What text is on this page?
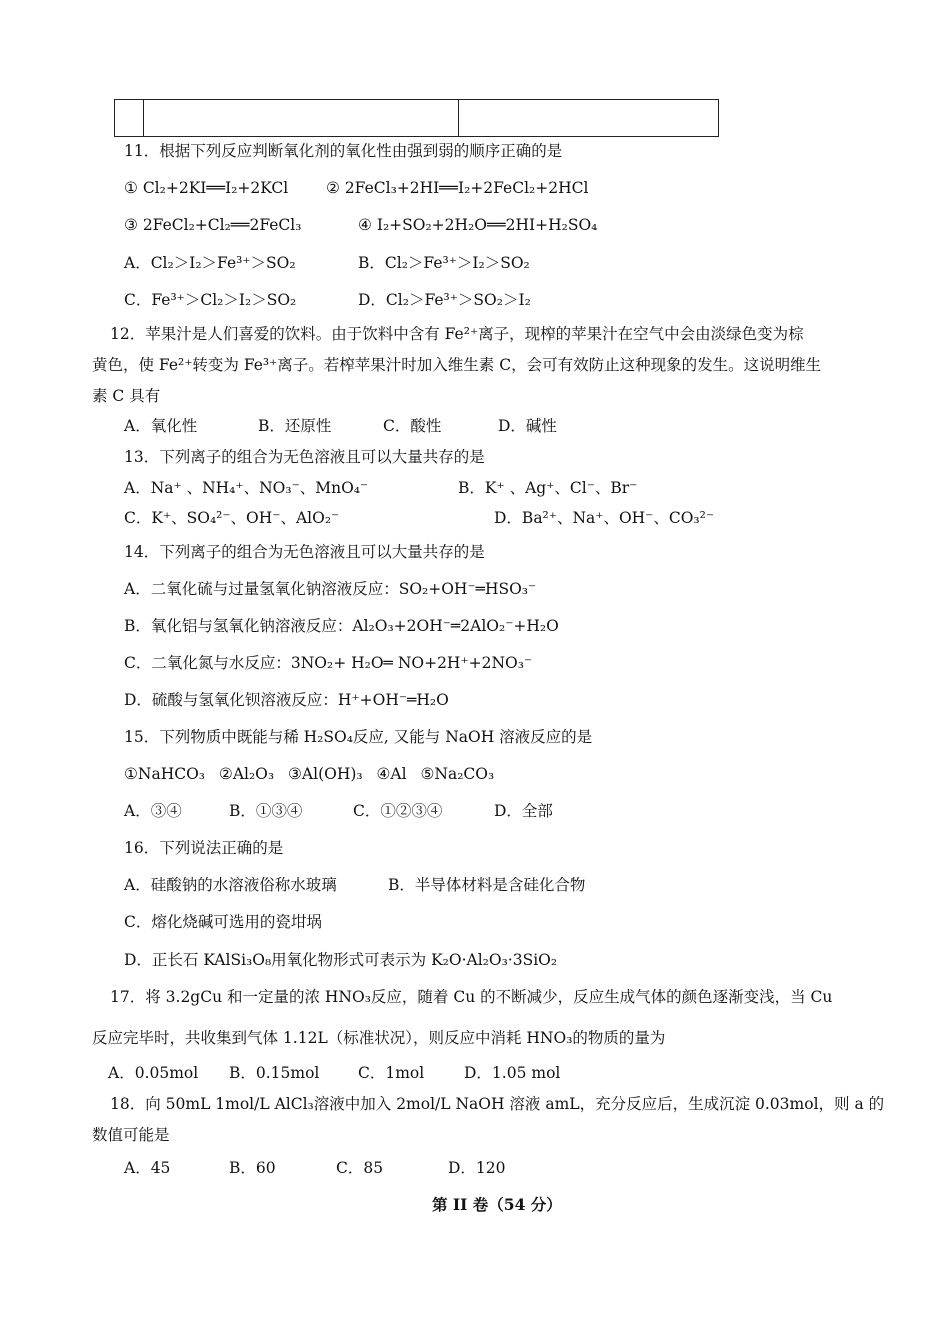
11．根据下列反应判断氧化剂的氧化性由强到弱的顺序正确的是
① Cl₂+2KI══I₂+2KCl ② 2FeCl₃+2HI══I₂+2FeCl₂+2HCl
③ 2FeCl₂+Cl₂══2FeCl₃	④ I₂+SO₂+2H₂O══2HI+H₂SO₄
A．Cl₂＞I₂＞Fe³⁺＞SO₂	B．Cl₂＞Fe³⁺＞I₂＞SO₂
C．Fe³⁺＞Cl₂＞I₂＞SO₂	D．Cl₂＞Fe³⁺＞SO₂＞I₂
12．苹果汁是人们喜爱的饮料。由于饮料中含有 Fe²⁺离子，现榨的苹果汁在空气中会由淡绿色变为棕
黄色，使 Fe²⁺转变为 Fe³⁺离子。若榨苹果汁时加入维生素 C，会可有效防止这种现象的发生。这说明维生
素 C 具有
A．氧化性	B．还原性	C．酸性	D．碱性
13．下列离子的组合为无色溶液且可以大量共存的是
A．Na⁺ 、NH₄⁺、NO₃⁻、MnO₄⁻	B．K⁺ 、Ag⁺、Cl⁻、Br⁻
C．K⁺、SO₄²⁻、OH⁻、AlO₂⁻	D．Ba²⁺、Na⁺、OH⁻、CO₃²⁻
14．下列离子的组合为无色溶液且可以大量共存的是
A．二氧化硫与过量氢氧化钠溶液反应：SO₂+OH⁻═HSO₃⁻
B．氧化铝与氢氧化钠溶液反应：Al₂O₃+2OH⁻═2AlO₂⁻+H₂O
C．二氧化氮与水反应：3NO₂+ H₂O═ NO+2H⁺+2NO₃⁻
D．硫酸与氢氧化钡溶液反应：H⁺+OH⁻═H₂O
15．下列物质中既能与稀 H₂SO₄反应, 又能与 NaOH 溶液反应的是
①NaHCO₃ ②Al₂O₃ ③Al(OH)₃ ④Al ⑤Na₂CO₃
A．③④	B．①③④	C．①②③④	D．全部
16．下列说法正确的是
A．硅酸钠的水溶液俗称水玻璃	B．半导体材料是含硅化合物
C．熔化烧碱可选用的瓷坩埚
D．正长石 KAlSi₃O₈用氧化物形式可表示为 K₂O·Al₂O₃·3SiO₂
17．将 3.2gCu 和一定量的浓 HNO₃反应，随着 Cu 的不断减少，反应生成气体的颜色逐渐变浅，当 Cu
反应完毕时，共收集到气体 1.12L（标准状况），则反应中消耗 HNO₃的物质的量为
A．0.05mol B．0.15mol C．1mol	D．1.05 mol
18．向 50mL 1mol/L AlCl₃溶液中加入 2mol/L NaOH 溶液 amL，充分反应后，生成沉淀 0.03mol，则 a 的
数值可能是
A．45	B．60	C．85	D．120
第 II 卷（54 分）
